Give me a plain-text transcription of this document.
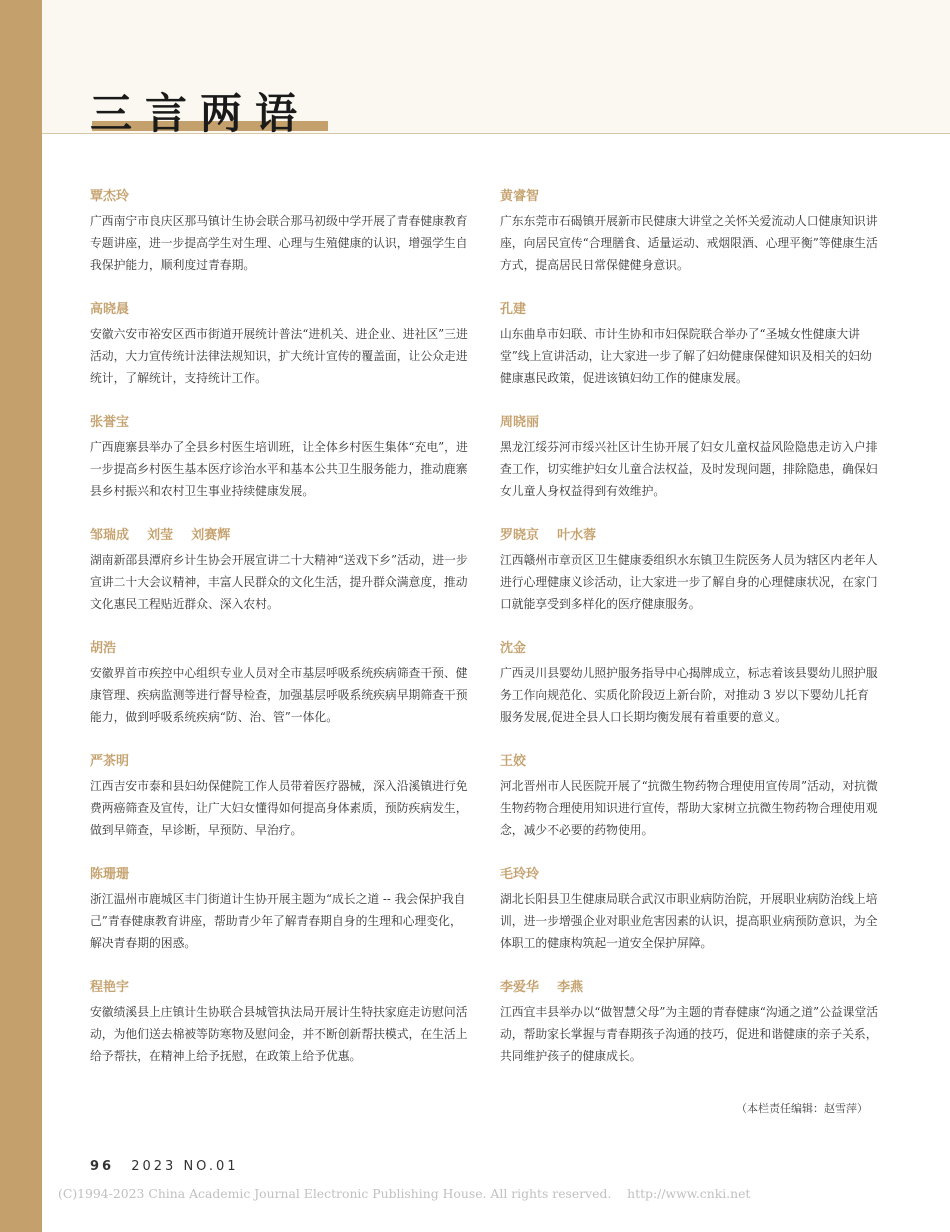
三言两语
覃杰玲

广西南宁市良庆区那马镇计生协会联合那马初级中学开展了青春健康教育专题讲座，进一步提高学生对生理、心理与生殖健康的认识，增强学生自我保护能力，顺利度过青春期。

高晓晨

安徽六安市裕安区西市街道开展统计普法“进机关、进企业、进社区”三进活动，大力宣传统计法律法规知识，扩大统计宣传的覆盖面，让公众走进统计，了解统计，支持统计工作。

张誉宝

广西鹿寨县举办了全县乡村医生培训班，让全体乡村医生集体“充电”，进一步提高乡村医生基本医疗诊治水平和基本公共卫生服务能力，推动鹿寨县乡村振兴和农村卫生事业持续健康发展。

邹瑞成    刘莹    刘赛辉

湖南新邵县潭府乡计生协会开展宣讲二十大精神“送戏下乡”活动，进一步宣讲二十大会议精神，丰富人民群众的文化生活，提升群众满意度，推动文化惠民工程贴近群众、深入农村。

胡浩

安徽界首市疾控中心组织专业人员对全市基层呼吸系统疾病筛查干预、健康管理、疾病监测等进行督导检查，加强基层呼吸系统疾病早期筛查干预能力，做到呼吸系统疾病“防、治、管”一体化。

严茶明

江西吉安市泰和县妇幼保健院工作人员带着医疗器械，深入沿溪镇进行免费两癌筛查及宣传，让广大妇女懂得如何提高身体素质，预防疾病发生，做到早筛查，早诊断，早预防、早治疗。

陈珊珊

浙江温州市鹿城区丰门街道计生协开展主题为“成长之道 -- 我会保护我自己”青春健康教育讲座，帮助青少年了解青春期自身的生理和心理变化，解决青春期的困惑。

程艳宇

安徽绩溪县上庄镇计生协联合县城管执法局开展计生特扶家庭走访慰问活动，为他们送去棉被等防寒物及慰问金，并不断创新帮扶模式，在生活上给予帮扶，在精神上给予抚慰，在政策上给予优惠。

黄睿智

广东东莞市石碣镇开展新市民健康大讲堂之关怀关爱流动人口健康知识讲座，向居民宣传“合理膳食、适量运动、戒烟限酒、心理平衡”等健康生活方式，提高居民日常保健健身意识。

孔建

山东曲阜市妇联、市计生协和市妇保院联合举办了“圣城女性健康大讲堂”线上宣讲活动，让大家进一步了解了妇幼健康保健知识及相关的妇幼健康惠民政策，促进该镇妇幼工作的健康发展。

周晓丽

黑龙江绥芬河市绥兴社区计生协开展了妇女儿童权益风险隐患走访入户排查工作，切实维护妇女儿童合法权益，及时发现问题，排除隐患，确保妇女儿童人身权益得到有效维护。

罗晓京    叶水蓉

江西赣州市章贡区卫生健康委组织水东镇卫生院医务人员为辖区内老年人进行心理健康义诊活动，让大家进一步了解自身的心理健康状况，在家门口就能享受到多样化的医疗健康服务。

沈金

广西灵川县婴幼儿照护服务指导中心揭牌成立，标志着该县婴幼儿照护服务工作向规范化、实质化阶段迈上新台阶，对推动 3 岁以下婴幼儿托育服务发展,促进全县人口长期均衡发展有着重要的意义。

王姣

河北晋州市人民医院开展了“抗微生物药物合理使用宣传周”活动，对抗微生物药物合理使用知识进行宣传，帮助大家树立抗微生物药物合理使用观念，减少不必要的药物使用。

毛玲玲

湖北长阳县卫生健康局联合武汉市职业病防治院，开展职业病防治线上培训，进一步增强企业对职业危害因素的认识，提高职业病预防意识，为全体职工的健康构筑起一道安全保护屏障。

李爱华    李燕

江西宜丰县举办以“做智慧父母”为主题的青春健康“沟通之道”公益课堂活动，帮助家长掌握与青春期孩子沟通的技巧，促进和谐健康的亲子关系，共同维护孩子的健康成长。

（本栏责任编辑：赵雪萍）
96 2023 NO.01
(C)1994-2023 China Academic Journal Electronic Publishing House. All rights reserved.    http://www.cnki.net
